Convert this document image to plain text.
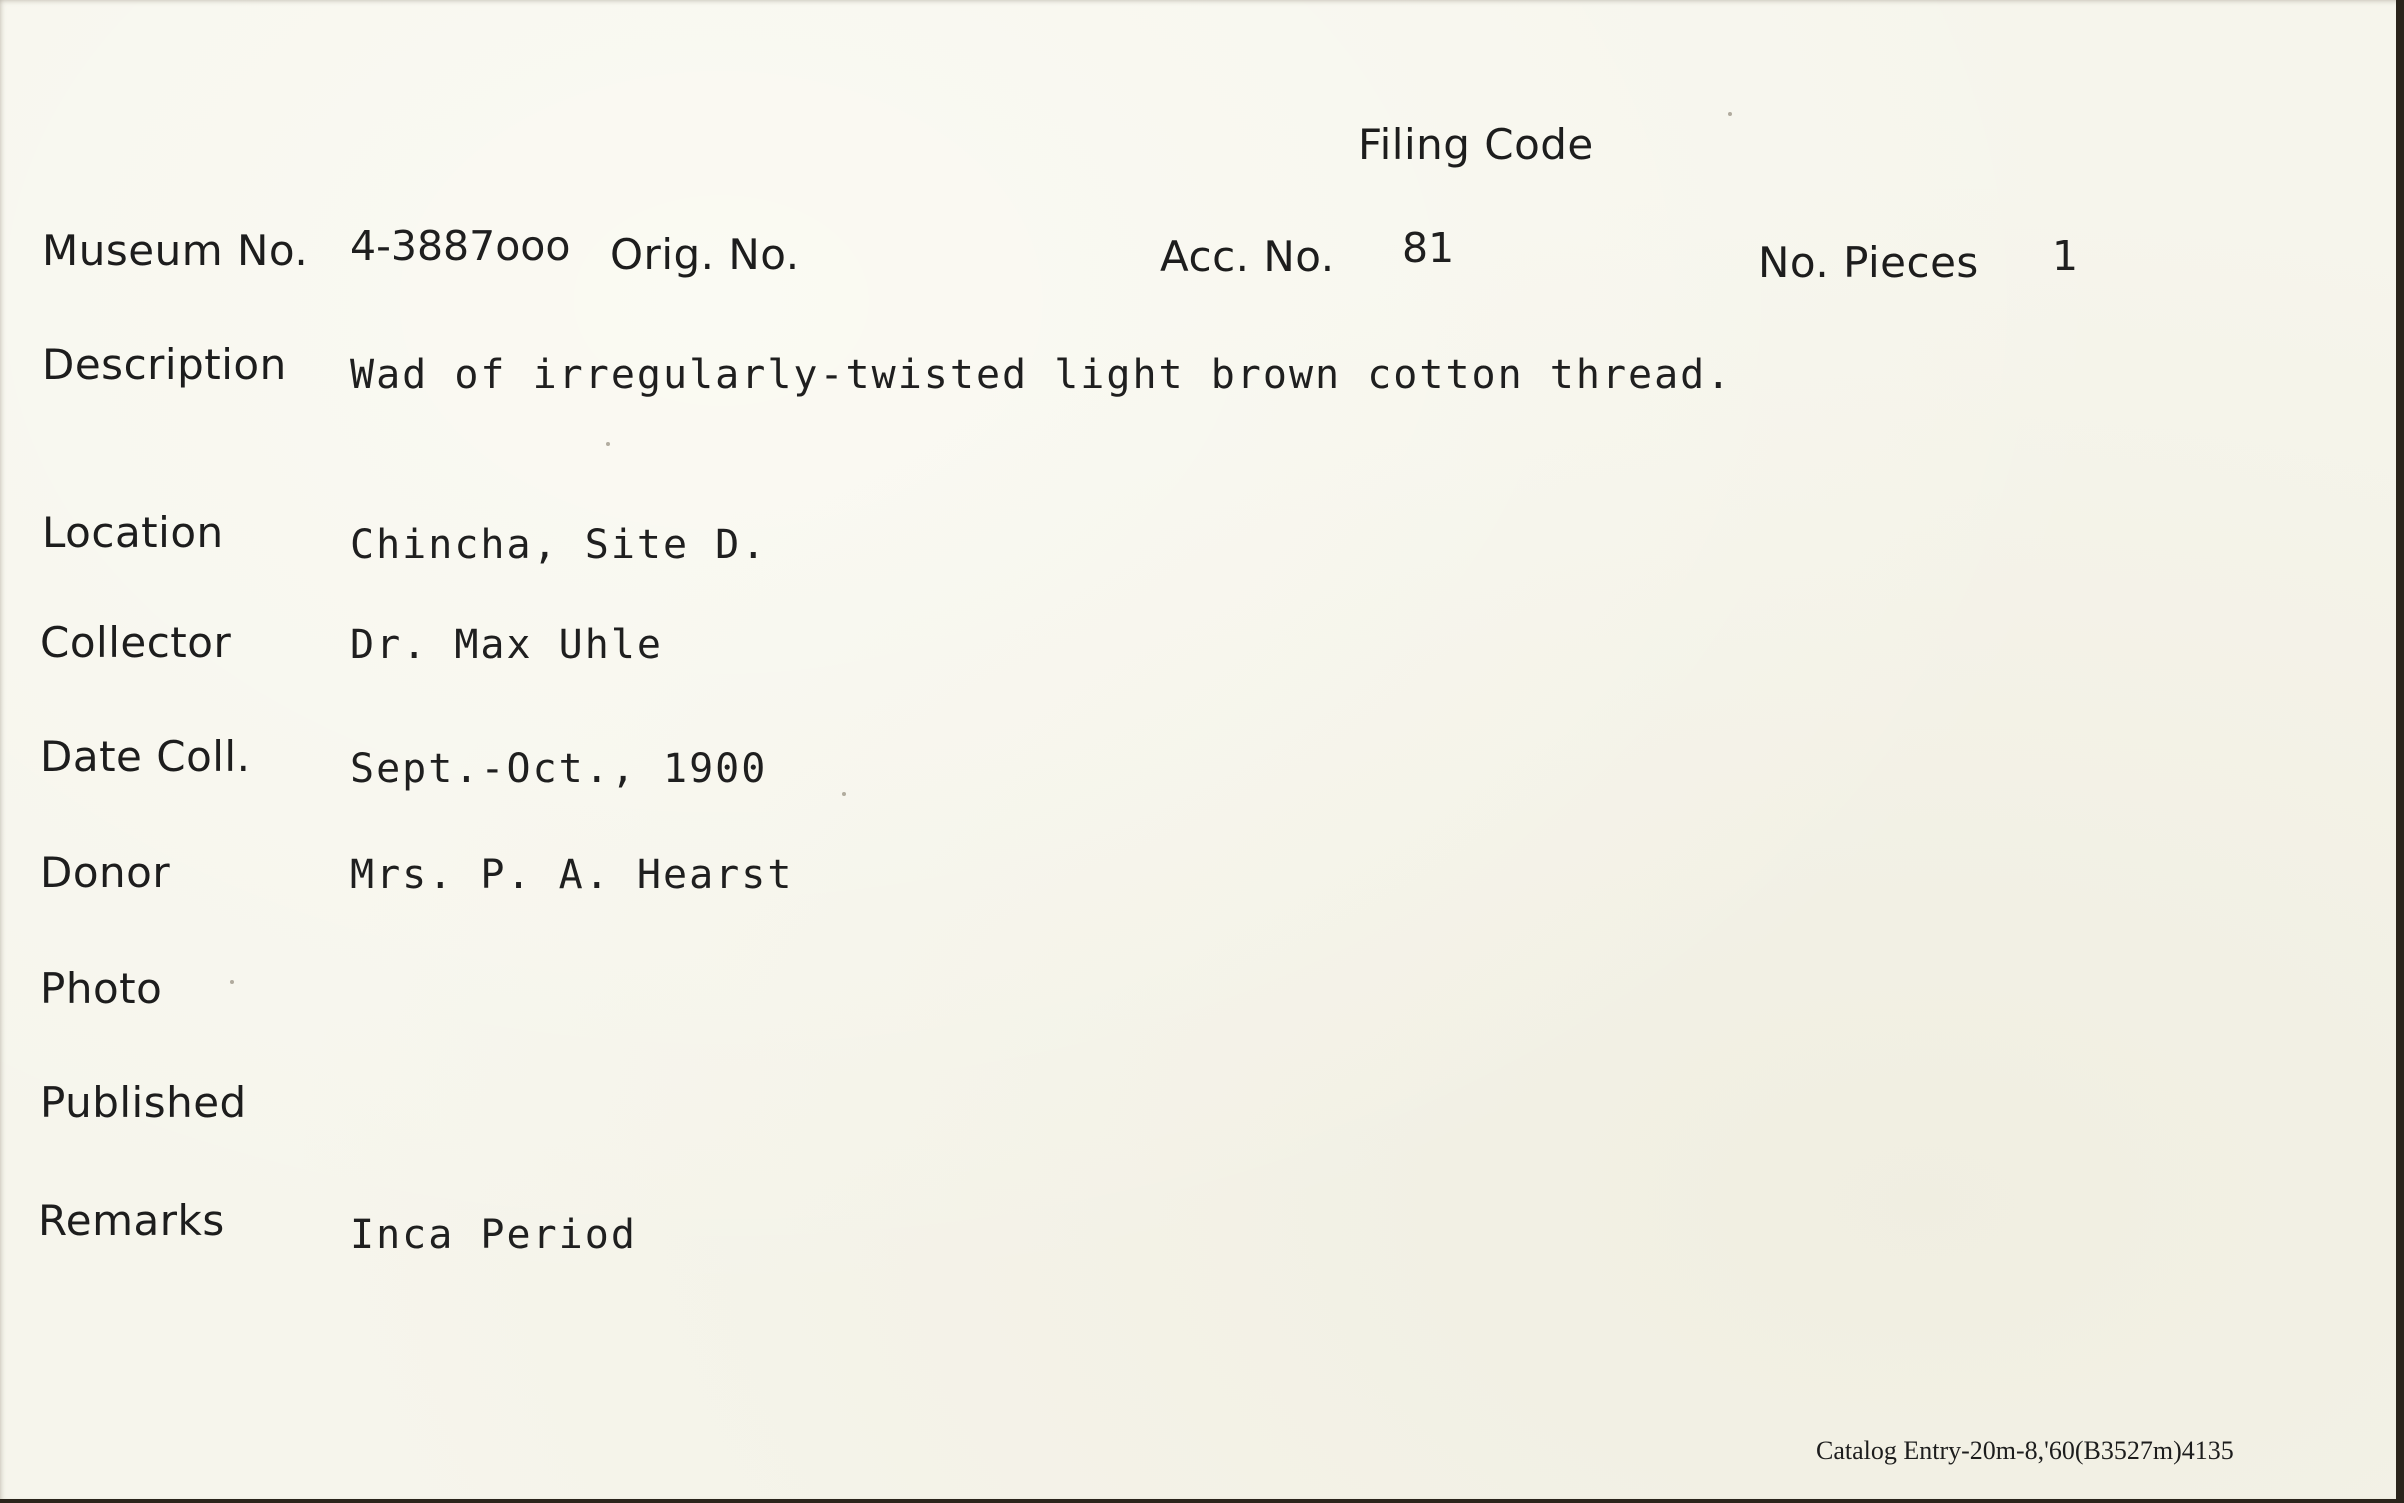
Filing Code
Museum No. 4-3887ooo Orig. No.	Acc. No. 81	No. Pieces 1
Description Wad of irregularly-twisted light brown cotton thread.
Location	Chincha, Site D.
Collector	Dr. Max Uhle
Date Coll. Sept.-Oct., 1900
Donor	Mrs. P. A. Hearst
Photo
Published
Remarks	Inca Period
Catalog Entry-20m-8,'60(B3527m)4135
